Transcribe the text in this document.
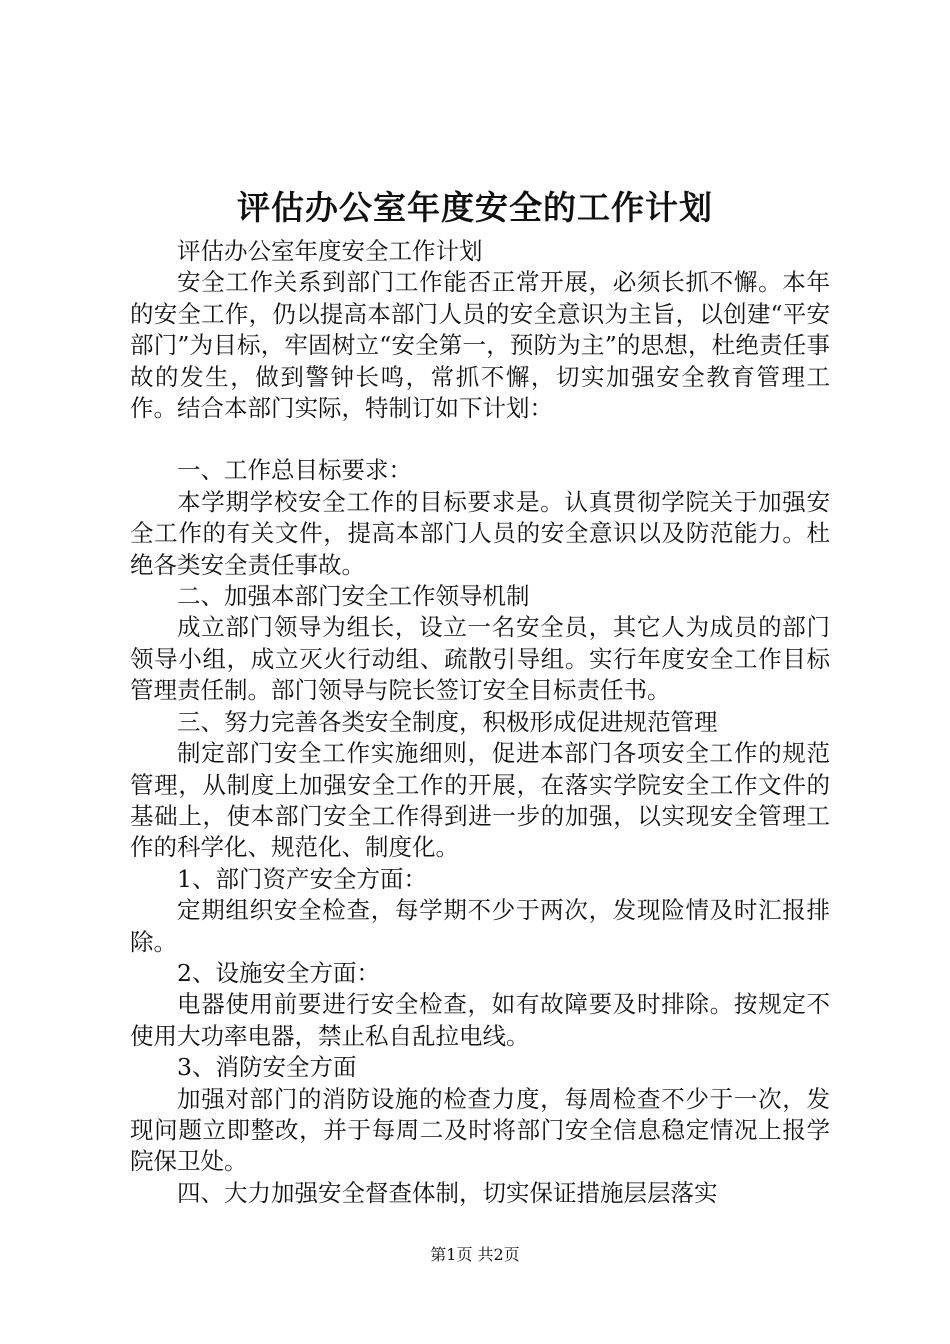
评估办公室年度安全的工作计划

评估办公室年度安全工作计划

安全工作关系到部门工作能否正常开展，必须长抓不懈。本年的安全工作，仍以提高本部门人员的安全意识为主旨，以创建“平安部门”为目标，牢固树立“安全第一，预防为主”的思想，杜绝责任事故的发生，做到警钟长鸣，常抓不懈，切实加强安全教育管理工作。结合本部门实际，特制订如下计划：

一、工作总目标要求：

本学期学校安全工作的目标要求是。认真贯彻学院关于加强安全工作的有关文件，提高本部门人员的安全意识以及防范能力。杜绝各类安全责任事故。

二、加强本部门安全工作领导机制

成立部门领导为组长，设立一名安全员，其它人为成员的部门领导小组，成立灭火行动组、疏散引导组。实行年度安全工作目标管理责任制。部门领导与院长签订安全目标责任书。

三、努力完善各类安全制度，积极形成促进规范管理

制定部门安全工作实施细则，促进本部门各项安全工作的规范管理，从制度上加强安全工作的开展，在落实学院安全工作文件的基础上，使本部门安全工作得到进一步的加强，以实现安全管理工作的科学化、规范化、制度化。

1、部门资产安全方面：

定期组织安全检查，每学期不少于两次，发现险情及时汇报排除。

2、设施安全方面：

电器使用前要进行安全检查，如有故障要及时排除。按规定不使用大功率电器，禁止私自乱拉电线。

3、消防安全方面

加强对部门的消防设施的检查力度，每周检查不少于一次，发现问题立即整改，并于每周二及时将部门安全信息稳定情况上报学院保卫处。

四、大力加强安全督查体制，切实保证措施层层落实

第1页 共2页
